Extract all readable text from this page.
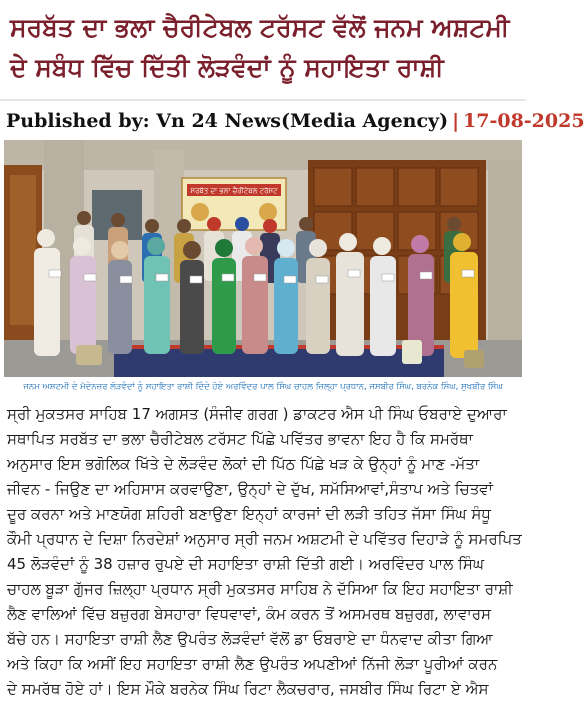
ਸਰਬੱਤ ਦਾ ਭਲਾ ਚੈਰੀਟੇਬਲ ਟਰੱਸਟ ਵੱਲੋਂ ਜਨਮ ਅਸ਼ਟਮੀ
ਦੇ ਸਬੰਧ ਵਿੱਚ ਦਿੱਤੀ ਲੋੜਵੰਦਾਂ ਨੂੰ ਸਹਾਇਤਾ ਰਾਸ਼ੀ
Published by: Vn 24 News(Media Agency) | 17-08-2025
ਸਰਬੱਤ ਦਾ ਭਲਾ ਚੈਰੀਟੇਬਲ ਟਰੱਸਟ
ਜਨਮ ਅਸ਼ਟਮੀ ਦੇ ਮੱਦੇਨਜ਼ਰ ਲੋੜਵੰਦਾਂ ਨੂੰ ਸਹਾਇਤਾ ਰਾਸ਼ੀ ਦਿੰਦੇ ਹੋਏ ਅਰਵਿੰਦਰ ਪਾਲ ਸਿੰਘ ਚਾਹਲ ਜ਼ਿਲ੍ਹਾ ਪ੍ਰਧਾਨ, ਜਸਬੀਰ ਸਿੰਘ, ਬਰਨੇਕ ਸਿੰਘ, ਸੁਖਬੀਰ ਸਿੰਘ
ਸ੍ਰੀ ਮੁਕਤਸਰ ਸਾਹਿਬ 17 ਅਗਸਤ (ਸੰਜੀਵ ਗਰਗ ) ਡਾਕਟਰ ਐਸ ਪੀ ਸਿੰਘ ਓਬਰਾਏ ਦੁਆਰਾ
ਸਥਾਪਿਤ ਸਰਬੱਤ ਦਾ ਭਲਾ ਚੈਰੀਟੇਬਲ ਟਰੱਸਟ ਪਿੱਛੇ ਪਵਿੱਤਰ ਭਾਵਨਾ ਇਹ ਹੈ ਕਿ ਸਮਰੱਥਾ
ਅਨੁਸਾਰ ਇਸ ਭਗੋਲਿਕ ਖਿੱਤੇ ਦੇ ਲੋੜਵੰਦ ਲੋਕਾਂ ਦੀ ਪਿੱਠ ਪਿੱਛੇ ਖੜ ਕੇ ਉਨ੍ਹਾਂ ਨੂੰ ਮਾਣ -ਮੱਤਾ
ਜੀਵਨ - ਜਿਉਣ ਦਾ ਅਹਿਸਾਸ ਕਰਵਾਉਣਾ, ਉਨ੍ਹਾਂ ਦੇ ਦੁੱਖ, ਸਮੱਸਿਆਵਾਂ,ਸੰਤਾਪ ਅਤੇ ਚਿਤਵਾਂ
ਦੂਰ ਕਰਨਾ ਅਤੇ ਮਾਣਯੋਗ ਸ਼ਹਿਰੀ ਬਣਾਉਣਾ ਇਨ੍ਹਾਂ ਕਾਰਜਾਂ ਦੀ ਲੜੀ ਤਹਿਤ ਜੱਸਾ ਸਿੰਘ ਸੰਧੂ
ਕੌਮੀ ਪ੍ਰਧਾਨ ਦੇ ਦਿਸ਼ਾ ਨਿਰਦੇਸ਼ਾਂ ਅਨੁਸਾਰ ਸ੍ਰੀ ਜਨਮ ਅਸ਼ਟਮੀ ਦੇ ਪਵਿੱਤਰ ਦਿਹਾੜੇ ਨੂੰ ਸਮਰਪਿਤ
45 ਲੋੜਵੰਦਾਂ ਨੂੰ 38 ਹਜ਼ਾਰ ਰੁਪਏ ਦੀ ਸਹਾਇਤਾ ਰਾਸ਼ੀ ਦਿੱਤੀ ਗਈ। ਅਰਵਿੰਦਰ ਪਾਲ ਸਿੰਘ
ਚਾਹਲ ਬੂੜਾ ਗੁੱਜਰ ਜ਼ਿਲ੍ਹਾ ਪ੍ਰਧਾਨ ਸ੍ਰੀ ਮੁਕਤਸਰ ਸਾਹਿਬ ਨੇ ਦੱਸਿਆ ਕਿ ਇਹ ਸਹਾਇਤਾ ਰਾਸ਼ੀ
ਲੈਣ ਵਾਲਿਆਂ ਵਿੱਚ ਬਜ਼ੁਰਗ ਬੇਸਹਾਰਾ ਵਿਧਵਾਵਾਂ, ਕੰਮ ਕਰਨ ਤੋਂ ਅਸਮਰਥ ਬਜ਼ੁਰਗ, ਲਾਵਾਰਸ
ਬੱਚੇ ਹਨ। ਸਹਾਇਤਾ ਰਾਸ਼ੀ ਲੈਣ ਉਪਰੰਤ ਲੋੜਵੰਦਾਂ ਵੱਲੋਂ ਡਾ ਓਬਰਾਏ ਦਾ ਧੰਨਵਾਦ ਕੀਤਾ ਗਿਆ
ਅਤੇ ਕਿਹਾ ਕਿ ਅਸੀਂ ਇਹ ਸਹਾਇਤਾ ਰਾਸ਼ੀ ਲੈਣ ਉਪਰੰਤ ਅਪਣੀਆਂ ਨਿੱਜੀ ਲੋੜਾ ਪੂਰੀਆਂ ਕਰਨ
ਦੇ ਸਮਰੱਥ ਹੋਏ ਹਾਂ। ਇਸ ਮੌਕੇ ਬਰਨੇਕ ਸਿੰਘ ਰਿਟਾ ਲੈਕਚਰਾਰ, ਜਸਬੀਰ ਸਿੰਘ ਰਿਟਾ ਏ ਐਸ
